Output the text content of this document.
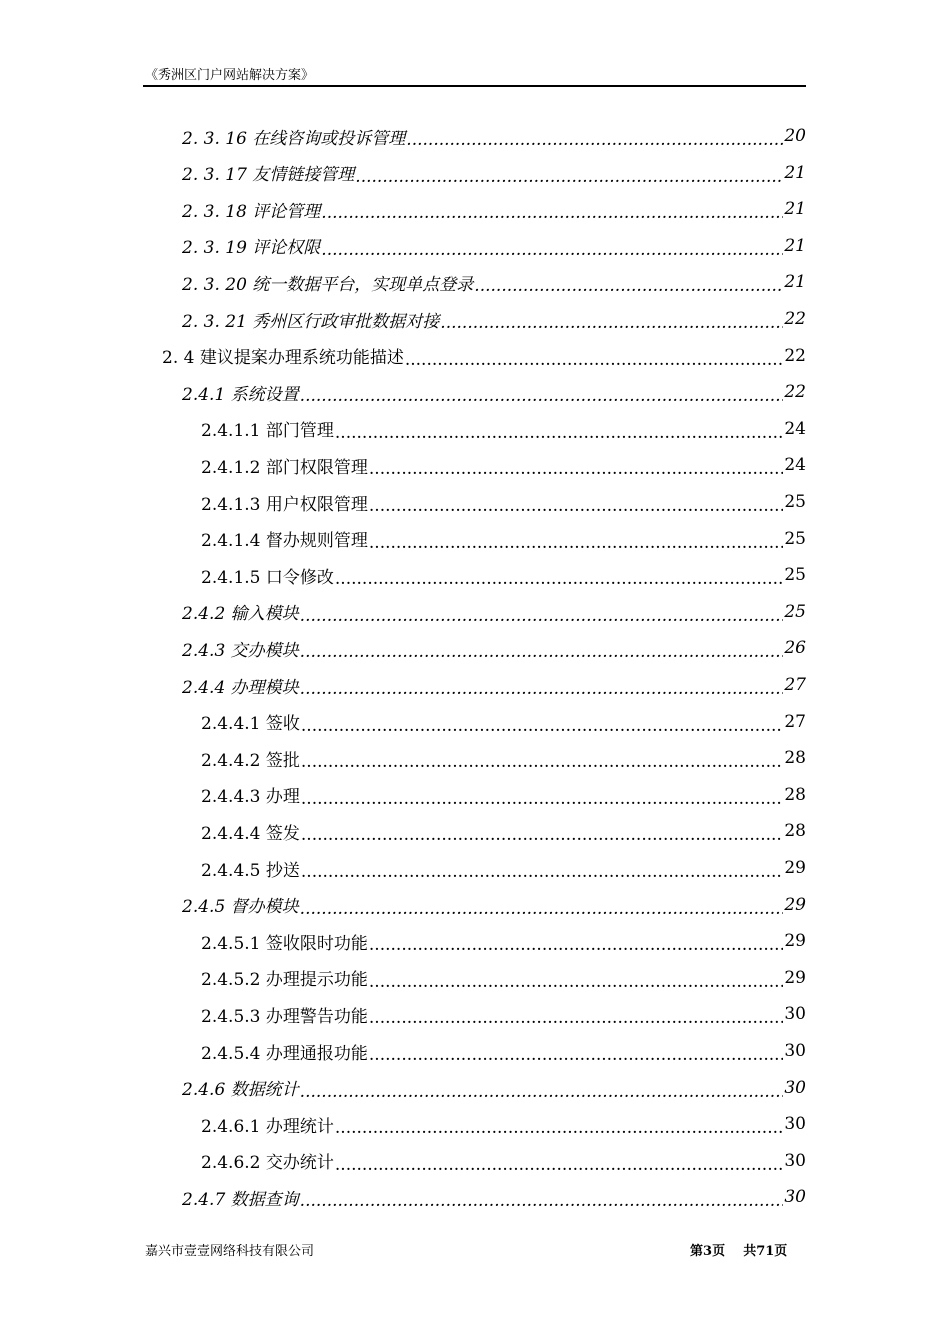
《秀洲区门户网站解决方案》
2. 3. 16 在线咨询或投诉管理 .....	20
2. 3. 17 友情链接管理 .....	21
2. 3. 18 评论管理 .....	21
2. 3. 19 评论权限 .....	21
2. 3. 20 统一数据平台，实现单点登录 .....	21
2. 3. 21 秀州区行政审批数据对接 .....	22
2. 4 建议提案办理系统功能描述 .....	22
2.4.1 系统设置 .....	22
2.4.1.1 部门管理 .....	24
2.4.1.2 部门权限管理 .....	24
2.4.1.3 用户权限管理 .....	25
2.4.1.4 督办规则管理 .....	25
2.4.1.5 口令修改 .....	25
2.4.2 输入模块 .....	25
2.4.3 交办模块 .....	26
2.4.4 办理模块 .....	27
2.4.4.1 签收 .....	27
2.4.4.2 签批 .....	28
2.4.4.3 办理 .....	28
2.4.4.4 签发 .....	28
2.4.4.5 抄送 .....	29
2.4.5 督办模块 .....	29
2.4.5.1 签收限时功能 .....	29
2.4.5.2 办理提示功能 .....	29
2.4.5.3 办理警告功能 .....	30
2.4.5.4 办理通报功能 .....	30
2.4.6 数据统计 .....	30
2.4.6.1 办理统计 .....	30
2.4.6.2 交办统计 .....	30
2.4.7 数据查询 .....	30
嘉兴市壹壹网络科技有限公司	第3页 共71页
